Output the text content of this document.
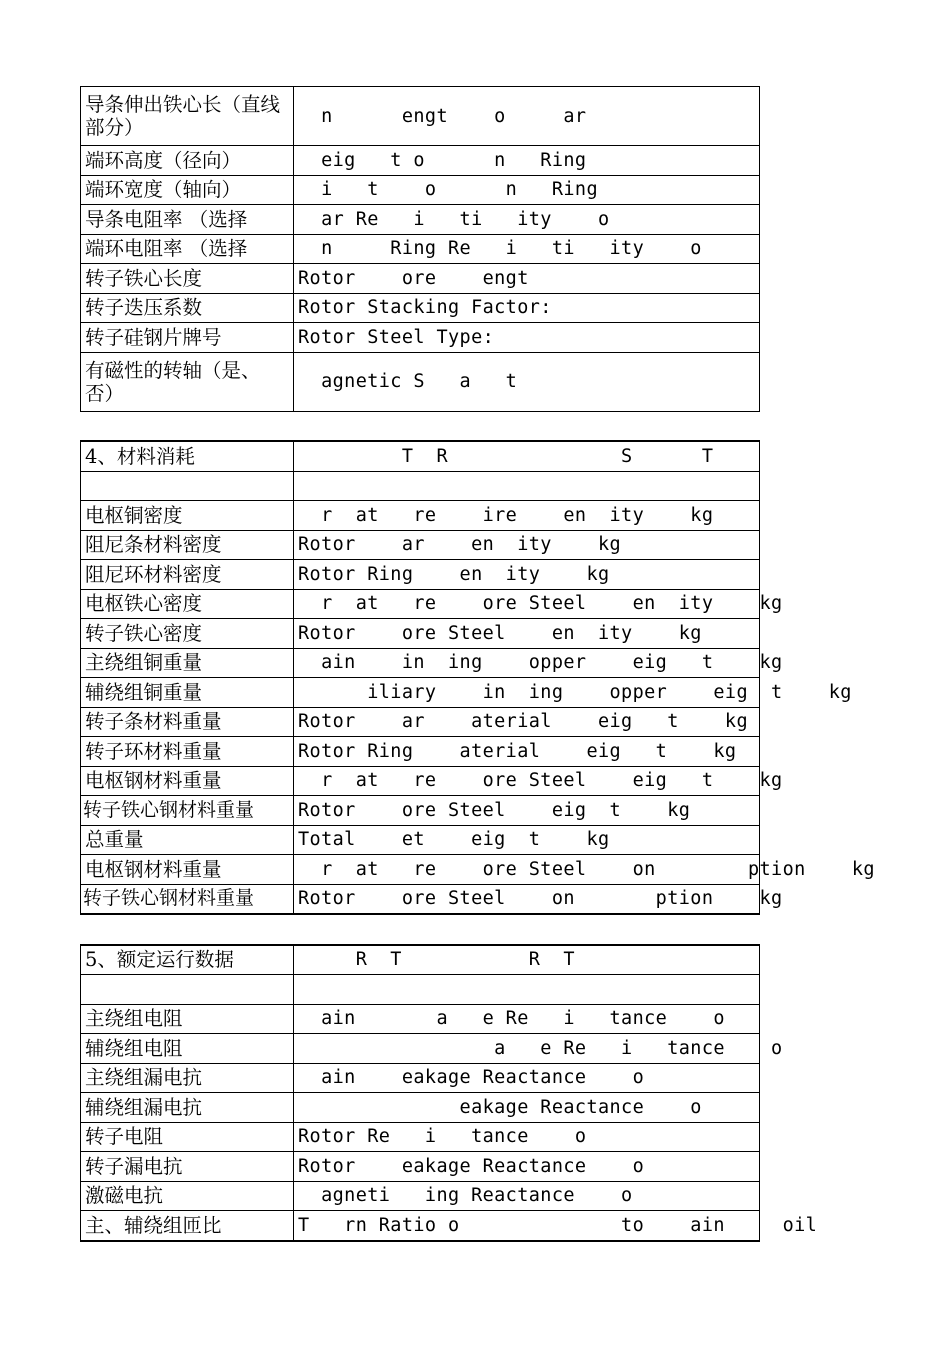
导条伸出铁心长（直线部分）	n      engt    o     ar
端环高度（径向）	eig   t o      n   Ring
端环宽度（轴向）	i   t    o      n   Ring
导条电阻率 （选择	ar Re   i   ti   ity    o
端环电阻率 （选择	n     Ring Re   i   ti   ity    o
转子铁心长度	Rotor    ore    engt
转子迭压系数	Rotor Stacking Factor:
转子硅钢片牌号	Rotor Steel Type:
有磁性的转轴（是、否）	agnetic S   a   t

4、材料消耗	T  R               S      T

电枢铜密度	r  at   re    ire    en  ity    kg
阻尼条材料密度	Rotor    ar    en  ity    kg
阻尼环材料密度	Rotor Ring    en  ity    kg
电枢铁心密度	r  at   re    ore Steel    en  ity    kg
转子铁心密度	Rotor    ore Steel    en  ity    kg
主绕组铜重量	ain    in  ing    opper    eig   t    kg
辅绕组铜重量	iliary    in  ing    opper    eig  t    kg
转子条材料重量	Rotor    ar    aterial    eig   t    kg
转子环材料重量	Rotor Ring    aterial    eig   t    kg
电枢钢材料重量	r  at   re    ore Steel    eig   t    kg
转子铁心钢材料重量	Rotor    ore Steel    eig  t    kg
总重量	Total    et    eig  t    kg
电枢钢材料重量	r  at   re    ore Steel    on        ption    kg
转子铁心钢材料重量	Rotor    ore Steel    on       ption    kg

5、额定运行数据	R  T           R  T

主绕组电阻	ain       a   e Re   i   tance    o
辅绕组电阻	a   e Re   i   tance    o
主绕组漏电抗	ain    eakage Reactance    o
辅绕组漏电抗	eakage Reactance    o
转子电阻	Rotor Re   i   tance    o
转子漏电抗	Rotor    eakage Reactance    o
激磁电抗	agneti   ing Reactance    o
主、辅绕组匝比	T   rn Ratio o              to    ain     oil
